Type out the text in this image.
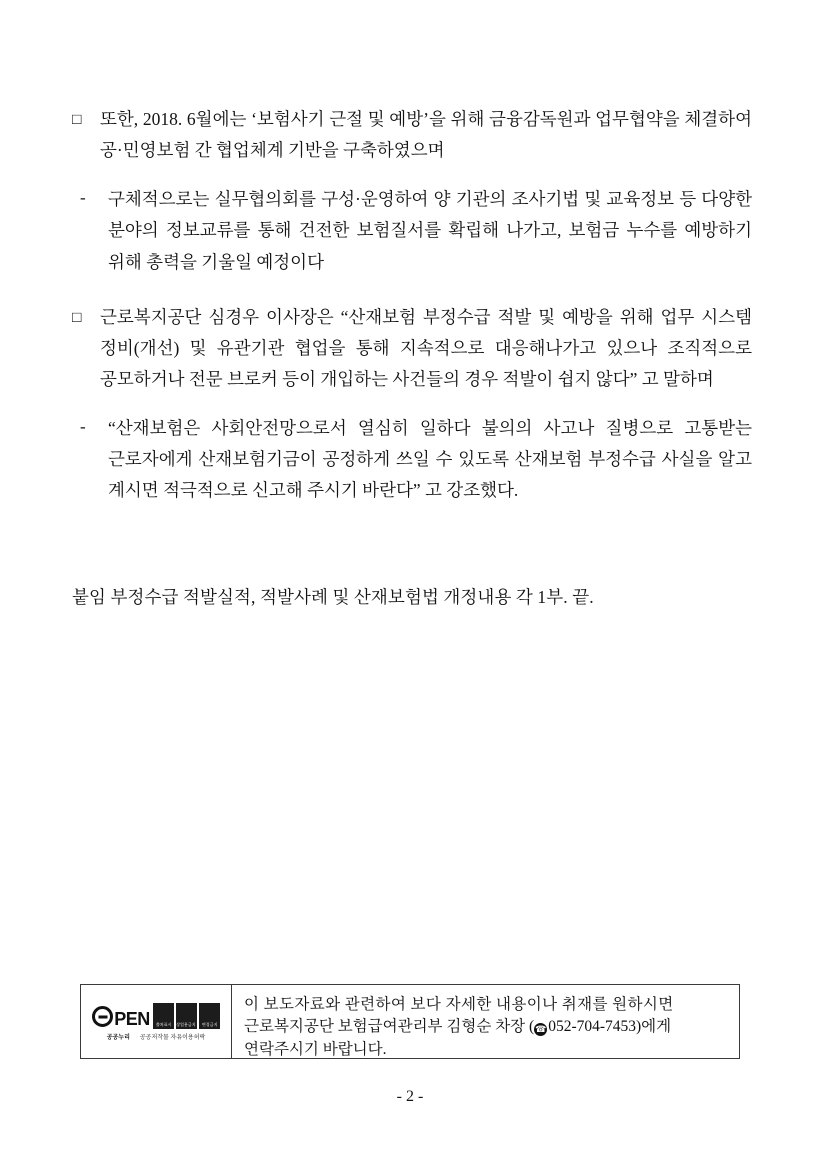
□	또한, 2018. 6월에는 ‘보험사기 근절 및 예방’을 위해 금융감독원과 업무협약을 체결하여 공·민영보험 간 협업체계 기반을 구축하였으며
-	구체적으로는 실무협의회를 구성·운영하여 양 기관의 조사기법 및 교육정보 등 다양한 분야의 정보교류를 통해 건전한 보험질서를 확립해 나가고, 보험금 누수를 예방하기 위해 총력을 기울일 예정이다
□	근로복지공단 심경우 이사장은 “산재보험 부정수급 적발 및 예방을 위해 업무 시스템 정비(개선) 및 유관기관 협업을 통해 지속적으로 대응해나가고 있으나 조직적으로 공모하거나 전문 브로커 등이 개입하는 사건들의 경우 적발이 쉽지 않다” 고 말하며
-	“산재보험은 사회안전망으로서 열심히 일하다 불의의 사고나 질병으로 고통받는 근로자에게 산재보험기금이 공정하게 쓰일 수 있도록 산재보험 부정수급 사실을 알고 계시면 적극적으로 신고해 주시기 바란다” 고 강조했다.
붙임 부정수급 적발실적, 적발사례 및 산재보험법 개정내용 각 1부. 끝.
PEN 출처표시 상업용금지 변경금지
공공누리 공공저작물 자유이용허락
이 보도자료와 관련하여 보다 자세한 내용이나 취재를 원하시면
근로복지공단 보험급여관리부 김형순 차장 (☎ 052-704-7453)에게
연락주시기 바랍니다.
- 2 -
